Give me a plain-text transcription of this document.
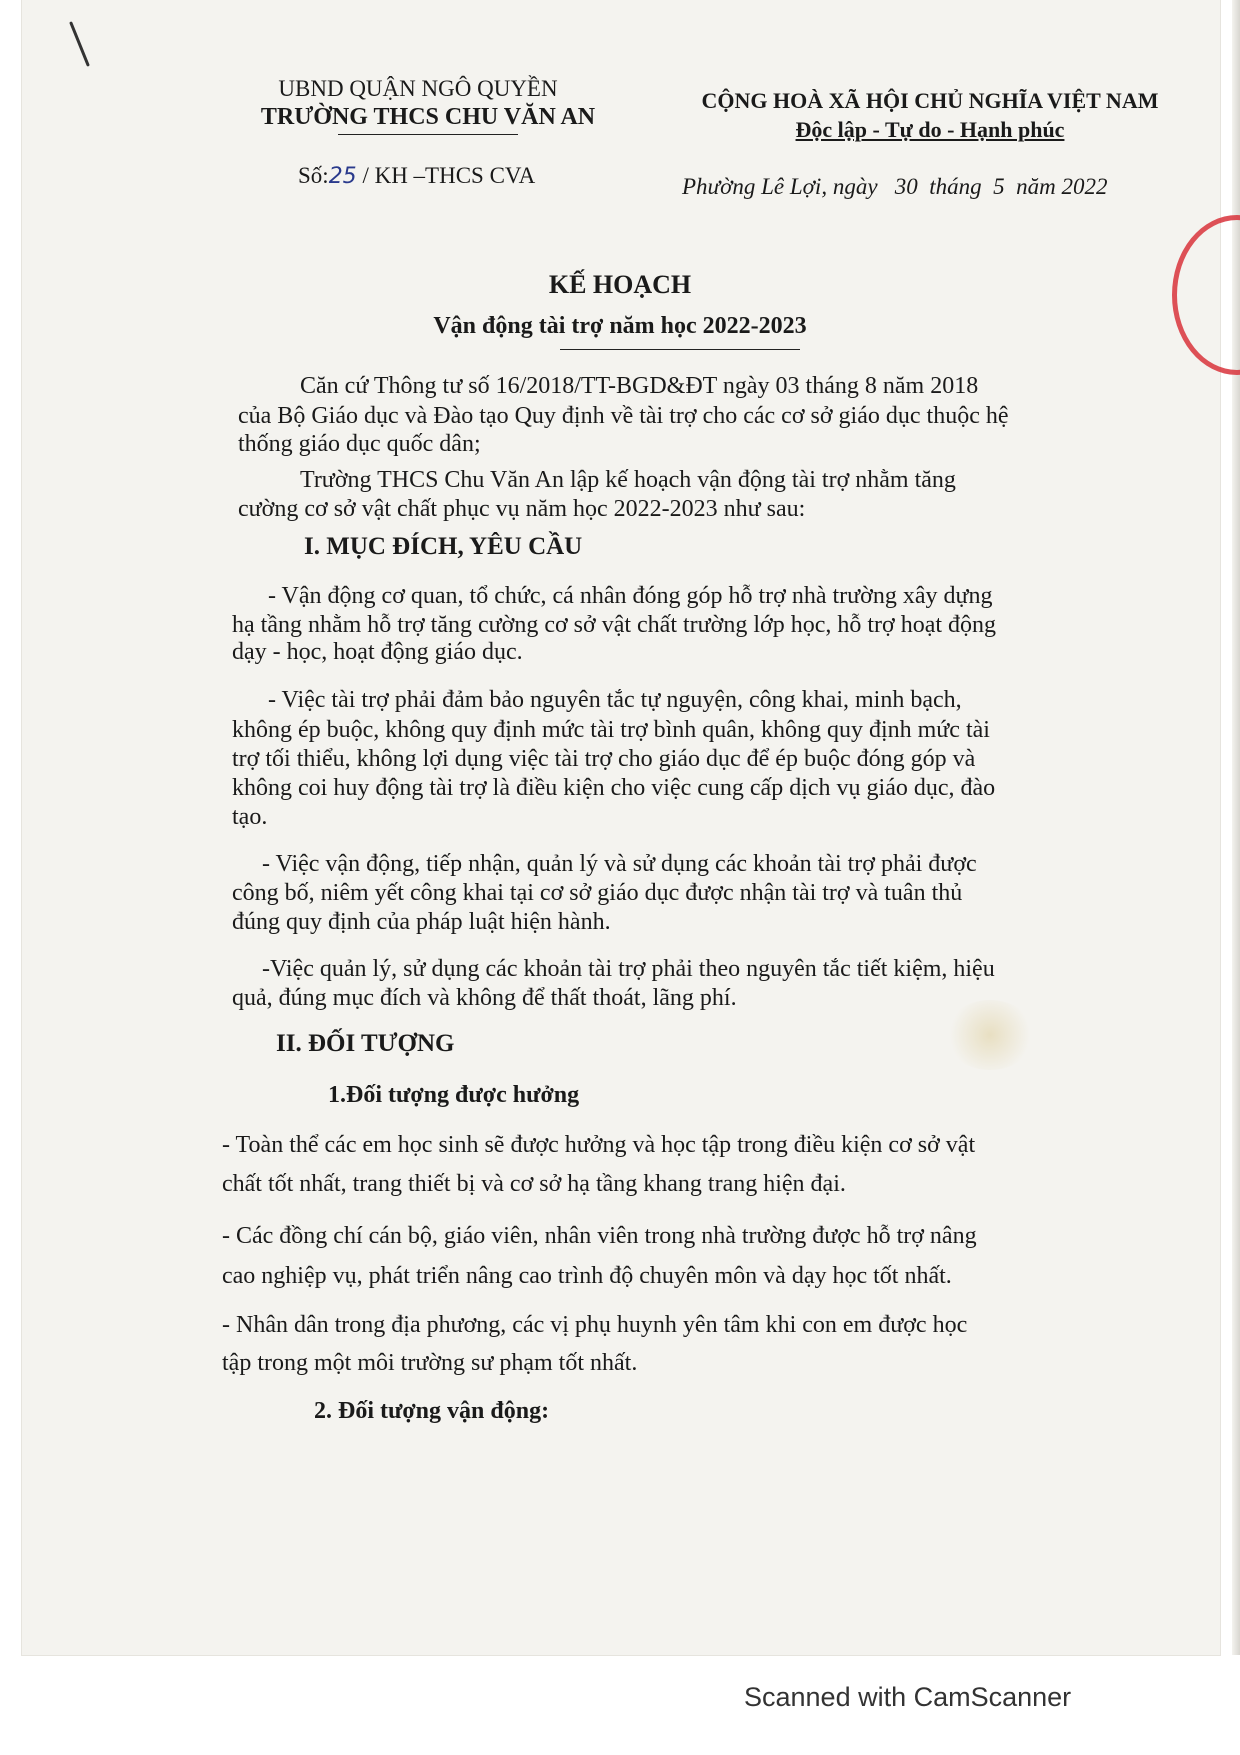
UBND QUẬN NGÔ QUYỀN
TRƯỜNG THCS CHU VĂN AN
CỘNG HOÀ XÃ HỘI CHỦ NGHĨA VIỆT NAM
Độc lập - Tự do - Hạnh phúc
Số:25 / KH –THCS CVA	Phường Lê Lợi, ngày   30  tháng  5  năm 2022
KẾ HOẠCH
Vận động tài trợ năm học 2022-2023
Căn cứ Thông tư số 16/2018/TT-BGD&ĐT ngày 03 tháng 8 năm 2018
của Bộ Giáo dục và Đào tạo Quy định về tài trợ cho các cơ sở giáo dục thuộc hệ
thống giáo dục quốc dân;
Trường THCS Chu Văn An lập kế hoạch vận động tài trợ nhằm tăng
cường cơ sở vật chất phục vụ năm học 2022-2023 như sau:
I. MỤC ĐÍCH, YÊU CẦU
- Vận động cơ quan, tổ chức, cá nhân đóng góp hỗ trợ nhà trường xây dựng
hạ tầng nhằm hỗ trợ tăng cường cơ sở vật chất trường lớp học, hỗ trợ hoạt động
dạy - học, hoạt động giáo dục.
- Việc tài trợ phải đảm bảo nguyên tắc tự nguyện, công khai, minh bạch,
không ép buộc, không quy định mức tài trợ bình quân, không quy định mức tài
trợ tối thiểu, không lợi dụng việc tài trợ cho giáo dục để ép buộc đóng góp và
không coi huy động tài trợ là điều kiện cho việc cung cấp dịch vụ giáo dục, đào
tạo.
- Việc vận động, tiếp nhận, quản lý và sử dụng các khoản tài trợ phải được
công bố, niêm yết công khai tại cơ sở giáo dục được nhận tài trợ và tuân thủ
đúng quy định của pháp luật hiện hành.
-Việc quản lý, sử dụng các khoản tài trợ phải theo nguyên tắc tiết kiệm, hiệu
quả, đúng mục đích và không để thất thoát, lãng phí.
II. ĐỐI TƯỢNG
1.Đối tượng được hưởng
- Toàn thể các em học sinh sẽ được hưởng và học tập trong điều kiện cơ sở vật
chất tốt nhất, trang thiết bị và cơ sở hạ tầng khang trang hiện đại.
- Các đồng chí cán bộ, giáo viên, nhân viên trong nhà trường được hỗ trợ nâng
cao nghiệp vụ, phát triển nâng cao trình độ chuyên môn và dạy học tốt nhất.
- Nhân dân trong địa phương, các vị phụ huynh yên tâm khi con em được học
tập trong một môi trường sư phạm tốt nhất.
2. Đối tượng vận động:
Scanned with CamScanner
